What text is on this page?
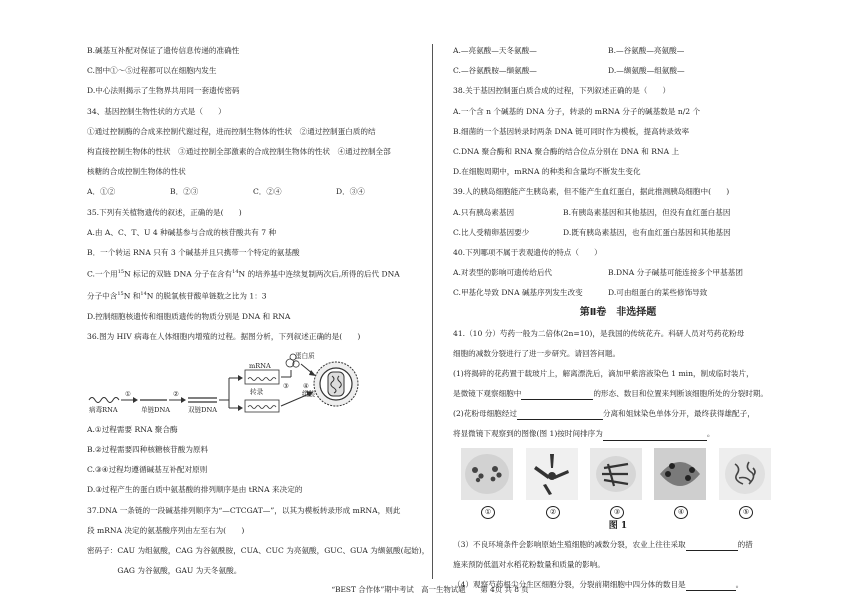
B.碱基互补配对保证了遗传信息传递的准确性
C.图中①～⑤过程都可以在细胞内发生
D.中心法则揭示了生物界共用同一套遗传密码
34、基因控制生物性状的方式是（　　）
①通过控制酶的合成来控制代谢过程，进而控制生物体的性状　②通过控制蛋白质的结
构直接控制生物体的性状　③通过控制全部激素的合成控制生物体的性状　④通过控制全部
核糖的合成控制生物体的性状
A．①②	B．②③	C．②④	D．③④
35.下列有关植物遗传的叙述，正确的是(　　)
A.由 A、C、T、U 4 种碱基参与合成的核苷酸共有 7 种
B．一个转运 RNA 只有 3 个碱基并且只携带一个特定的氨基酸
C.一个用$^{15}$N 标记的双链 DNA 分子在含有$^{14}$N 的培养基中连续复制两次后,所得的后代 DNA
分子中含$^{15}$N 和$^{14}$N 的脱氧核苷酸单链数之比为 1：3
D.控制细胞核遗传和细胞质遗传的物质分别是 DNA 和 RNA
36.图为 HIV 病毒在人体细胞内增殖的过程。据图分析，下列叙述正确的是(　　)
病毒RNA	单链DNA	双链DNA
①	②
mRNA
③
转录
蛋白质
④
组装
A.①过程需要 RNA 聚合酶
B.②过程需要四种核糖核苷酸为原料
C.③④过程均遵循碱基互补配对原则
D.③过程产生的蛋白质中氨基酸的排列顺序是由 tRNA 来决定的
37.DNA 一条链的一段碱基排列顺序为“—CTCGAT—”，以其为模板转录形成 mRNA，则此
段 mRNA 决定的氨基酸序列由左至右为(　　)
密码子：CAU 为组氨酸，CAG 为谷氨酰胺，CUA、CUC 为亮氨酸，GUC、GUA 为缬氨酸(起始)，
　　　　GAG 为谷氨酸，GAU 为天冬氨酸。
A.—亮氨酸—天冬氨酸—	B.—谷氨酸—亮氨酸—
C.—谷氨酰胺—缬氨酸—	D.—缬氨酸—组氨酸—
38.关于基因控制蛋白质合成的过程，下列叙述正确的是（　　）
A.一个含 n 个碱基的 DNA 分子，转录的 mRNA 分子的碱基数是 n/2 个
B.细菌的一个基因转录时两条 DNA 链可同时作为模板，提高转录效率
C.DNA 聚合酶和 RNA 聚合酶的结合位点分别在 DNA 和 RNA 上
D.在细胞周期中，mRNA 的种类和含量均不断发生变化
39.人的胰岛细胞能产生胰岛素，但不能产生血红蛋白，据此推测胰岛细胞中(　　)
A.只有胰岛素基因	B.有胰岛素基因和其他基因，但没有血红蛋白基因
C.比人受精卵基因要少	D.既有胰岛素基因，也有血红蛋白基因和其他基因
40.下列哪项不属于表观遗传的特点（　　）
A.对表型的影响可遗传给后代	B.DNA 分子碱基可能连接多个甲基基团
C.甲基化导致 DNA 碱基序列发生改变	D.可由组蛋白的某些修饰导致
第Ⅱ卷　非选择题
41.（10 分）芍药一般为二倍体(2n=10)，是我国的传统花卉。科研人员对芍药花粉母
细胞的减数分裂进行了进一步研究。请回答问题。
(1)将揭碎的花药置于载玻片上，解离漂洗后，滴加甲紫溶液染色 1 min，制成临时装片，
是微镜下观察细胞中	的形态、数目和位置来判断该细胞所处的分裂时期。
(2)花粉母细胞经过	分离和姐妹染色单体分开，最终获得雄配子，
将显微镜下观察到的图像(图 1)按时间排序为	。
①	②	③	④	⑤
图 1
（3）不良环境条件会影响原始生殖细胞的减数分裂，农业上往往采取	的措
施来预防低温对水稻花粉数量和质量的影响。
（4）观察芍药根尖分生区细胞分裂，分裂前期细胞中四分体的数目是	。
“BEST 合作体”期中考试　高一生物试题　　第 4页 共 8 页
